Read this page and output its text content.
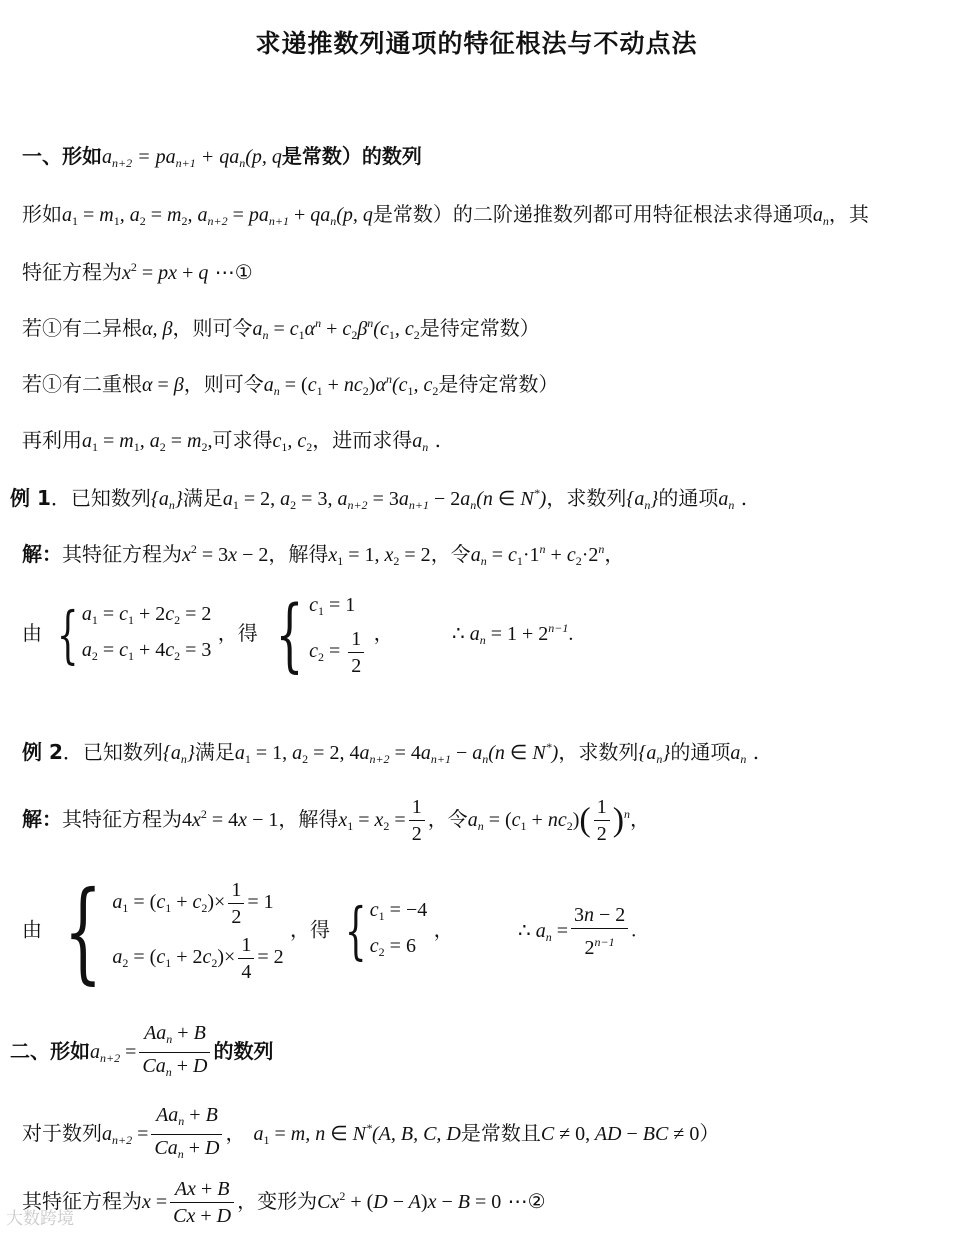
求递推数列通项的特征根法与不动点法
一、形如$a_{n+2} = pa_{n+1} + qa_n(p$, q是常数）的数列
形如$a_1 = m_1$, $a_2 = m_2$, $a_{n+2} = pa_{n+1} + qa_n(p$, q是常数）的二阶递推数列都可用特征根法求得通项$a_n$，其
特征方程为$x^2$ = px + q ⋯①
若①有二异根α, β，则可令$a_n = c_1\alpha^n + c_2\beta^n(c_1$, $c_2$是待定常数）
若①有二重根α = β，则可令$a_n = (c_1 + nc_2)\alpha^n(c_1$, $c_2$是待定常数）
再利用$a_1 = m_1$, $a_2 = m_2$,可求得$c_1$, $c_2$，进而求得$a_n$ .
例 1．已知数列$\{a_n\}$满足$a_1 = 2$, $a_2 = 3$, $a_{n+2} = 3a_{n+1} - 2a_n(n$ ∈ N*)，求数列$\{a_n\}$的通项$a_n$ .
解：其特征方程为$x^2 = 3x - 2$，解得$x_1 = 1$, $x_2 = 2$，令$a_n = c_1\cdot 1^n + c_2\cdot 2^n$，
由 { $a_1 = c_1 + 2c_2 = 2$
$a_2 = c_1 + 4c_2 = 3$
，得 { $c_1 = 1$
$c_2 = \frac{1}{2}$ ，	∴ $a_n = 1 + 2^{n-1}$.
例 2．已知数列$\{a_n\}$满足$a_1 = 1$, $a_2 = 2$, $4a_{n+2} = 4a_{n+1} - a_n(n$ ∈ N*)，求数列$\{a_n\}$的通项$a_n$ .
解：其特征方程为$4x^2 = 4x - 1$，解得$x_1 = x_2 = \frac{1}{2}$ ，令$a_n = (c_1 + nc_2)( \frac{1}{2} )^n$，
由 { $a_1 = (c_1 + c_2)\times \frac{1}{2} = 1$
$a_2 = (c_1 + 2c_2)\times \frac{1}{4} = 2$
，得 { $c_1 = -4$
$c_2 = 6$
，	∴ $a_n = \frac{3n - 2}{2^{n-1}}$ .
二、形如$a_{n+2} = \frac{Aa_n + B}{Ca_n + D}$ 的数列
对于数列$a_{n+2} = \frac{Aa_n + B}{Ca_n + D}$ ， $a_1 = m$, n ∈ N*(A, B, C, D是常数且C ≠ 0, AD − BC ≠ 0）
其特征方程为$x = \frac{Ax + B}{Cx + D}$ ，变形为$Cx^2 + (D - A)x - B = 0$ ⋯②
大数跨境
